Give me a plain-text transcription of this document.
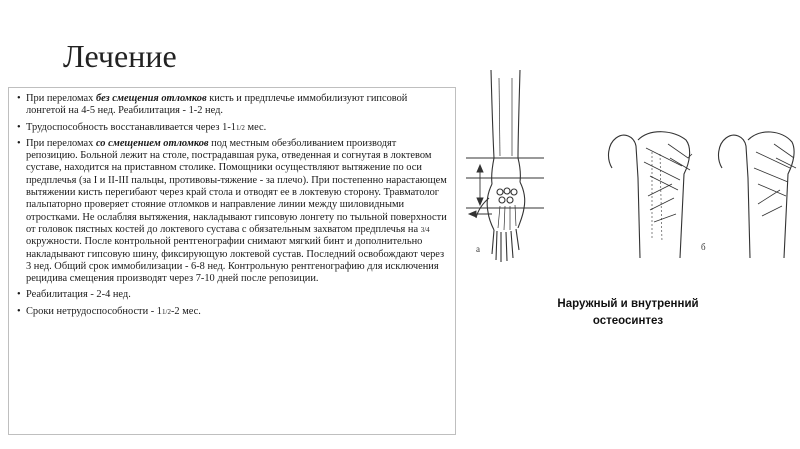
Лечение
• При переломах без смещения отломков кисть и предплечье иммобилизуют гипсовой лонгетой на 4-5 нед. Реабилитация - 1-2 нед.
• Трудоспособность восстанавливается через 1-11/2 мес.
• При переломах со смещением отломков под местным обезболиванием производят репозицию. Больной лежит на столе, пострадавшая рука, отведенная и согнутая в локтевом суставе, находится на приставном столике. Помощники осуществляют вытяжение по оси предплечья (за I и II-III пальцы, противовы-тяжение - за плечо). При постепенно нарастающем вытяжении кисть перегибают через край стола и отводят ее в локтевую сторону. Травматолог пальпаторно проверяет стояние отломков и направление линии между шиловидными отростками. Не ослабляя вытяжения, накладывают гипсовую лонгету по тыльной поверхности от головок пястных костей до локтевого сустава с обязательным захватом предплечья на 3/4 окружности. После контрольной рентгенографии снимают мягкий бинт и дополнительно накладывают гипсовую шину, фиксирующую локтевой сустав. Последний освобождают через 3 нед. Общий срок иммобилизации - 6-8 нед. Контрольную рентгенографию для исключения рецидива смещения производят через 7-10 дней после репозиции.
• Реабилитация - 2-4 нед.
• Сроки нетрудоспособности - 11/2-2 мес.
а	б
Наружный и внутренний остеосинтез
